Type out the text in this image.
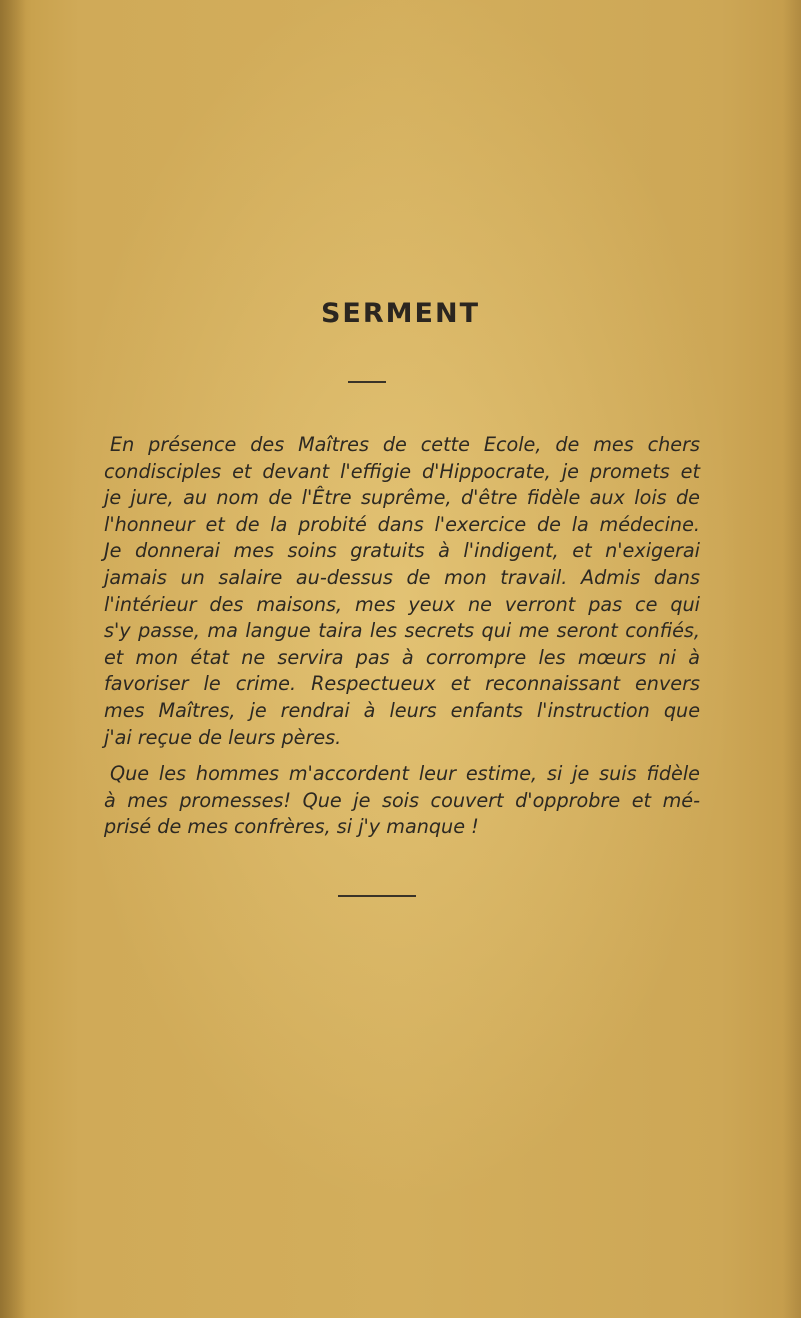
SERMENT

En présence des Maîtres de cette Ecole, de mes chers
condisciples et devant l'effigie d'Hippocrate, je promets et
je jure, au nom de l'Être suprême, d'être fidèle aux lois de
l'honneur et de la probité dans l'exercice de la médecine.
Je donnerai mes soins gratuits à l'indigent, et n'exigerai
jamais un salaire au-dessus de mon travail. Admis dans
l'intérieur des maisons, mes yeux ne verront pas ce qui
s'y passe, ma langue taira les secrets qui me seront confiés,
et mon état ne servira pas à corrompre les mœurs ni à
favoriser le crime. Respectueux et reconnaissant envers
mes Maîtres, je rendrai à leurs enfants l'instruction que
j'ai reçue de leurs pères.

Que les hommes m'accordent leur estime, si je suis fidèle
à mes promesses! Que je sois couvert d'opprobre et mé-
prisé de mes confrères, si j'y manque !
